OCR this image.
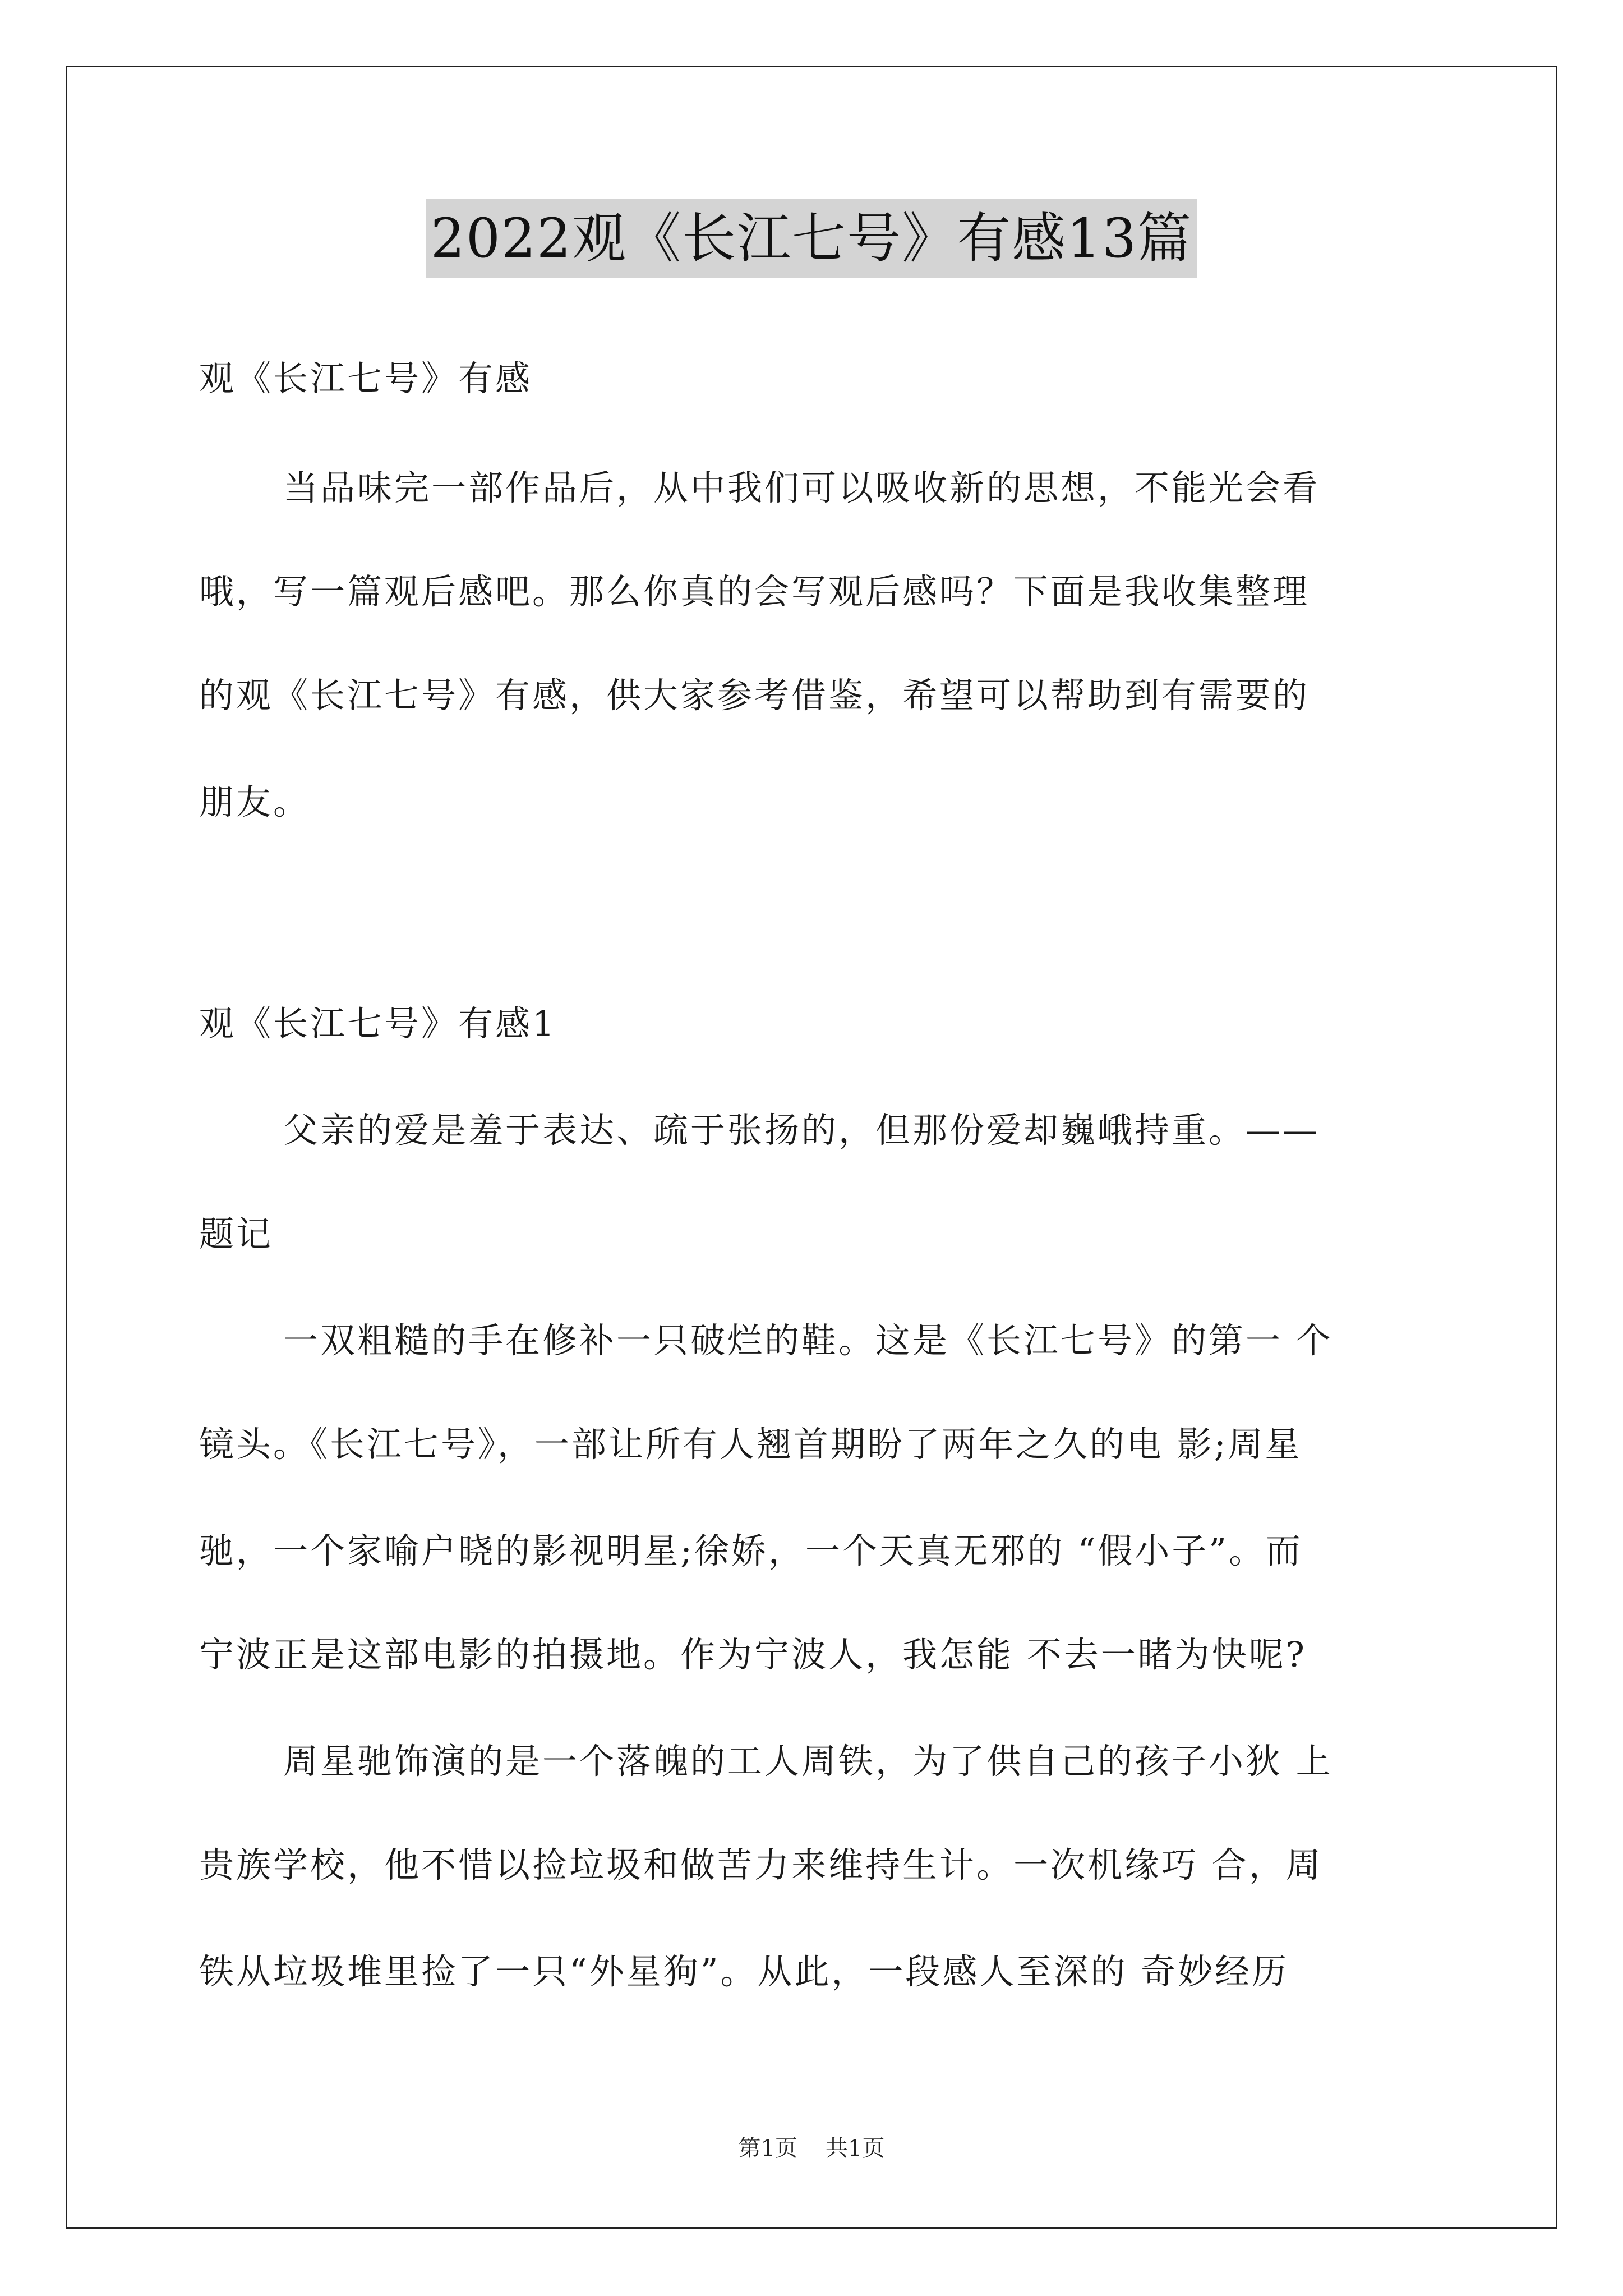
2022观《长江七号》有感13篇
观《长江七号》有感
当品味完一部作品后，从中我们可以吸收新的思想，不能光会看
哦，写一篇观后感吧。那么你真的会写观后感吗？下面是我收集整理
的观《长江七号》有感，供大家参考借鉴，希望可以帮助到有需要的
朋友。
观《长江七号》有感1
父亲的爱是羞于表达、疏于张扬的，但那份爱却巍峨持重。——
题记
一双粗糙的手在修补一只破烂的鞋。这是《长江七号》的第一 个
镜头。《长江七号》，一部让所有人翘首期盼了两年之久的电 影;周星
驰，一个家喻户晓的影视明星;徐娇，一个天真无邪的 “假小子”。而
宁波正是这部电影的拍摄地。作为宁波人，我怎能 不去一睹为快呢?
周星驰饰演的是一个落魄的工人周铁，为了供自己的孩子小狄 上
贵族学校，他不惜以捡垃圾和做苦力来维持生计。一次机缘巧 合，周
铁从垃圾堆里捡了一只“外星狗”。从此，一段感人至深的 奇妙经历
第1页 共1页
